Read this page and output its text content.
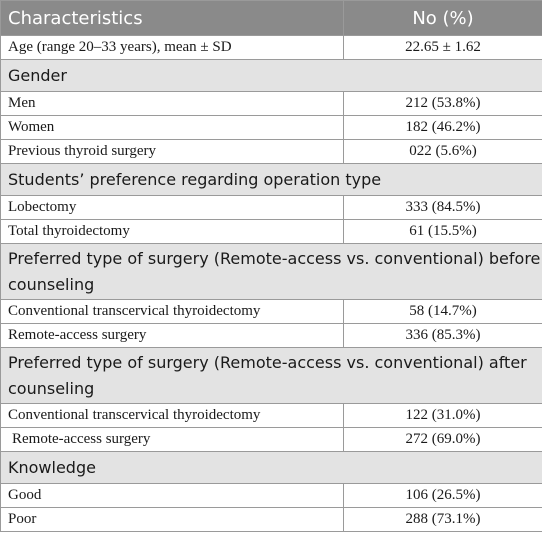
Characteristics	No (%)
Age (range 20–33 years), mean ± SD	22.65 ± 1.62
Gender	
Men	212 (53.8%)
Women	182 (46.2%)
Previous thyroid surgery	022 (5.6%)
Students’ preference regarding operation type	
Lobectomy	333 (84.5%)
Total thyroidectomy	61 (15.5%)
Preferred type of surgery (Remote-access vs. conventional) before counseling	
Conventional transcervical thyroidectomy	58 (14.7%)
Remote-access surgery	336 (85.3%)
Preferred type of surgery (Remote-access vs. conventional) after counseling	
Conventional transcervical thyroidectomy	122 (31.0%)
Remote-access surgery	272 (69.0%)
Knowledge	
Good	106 (26.5%)
Poor	288 (73.1%)
